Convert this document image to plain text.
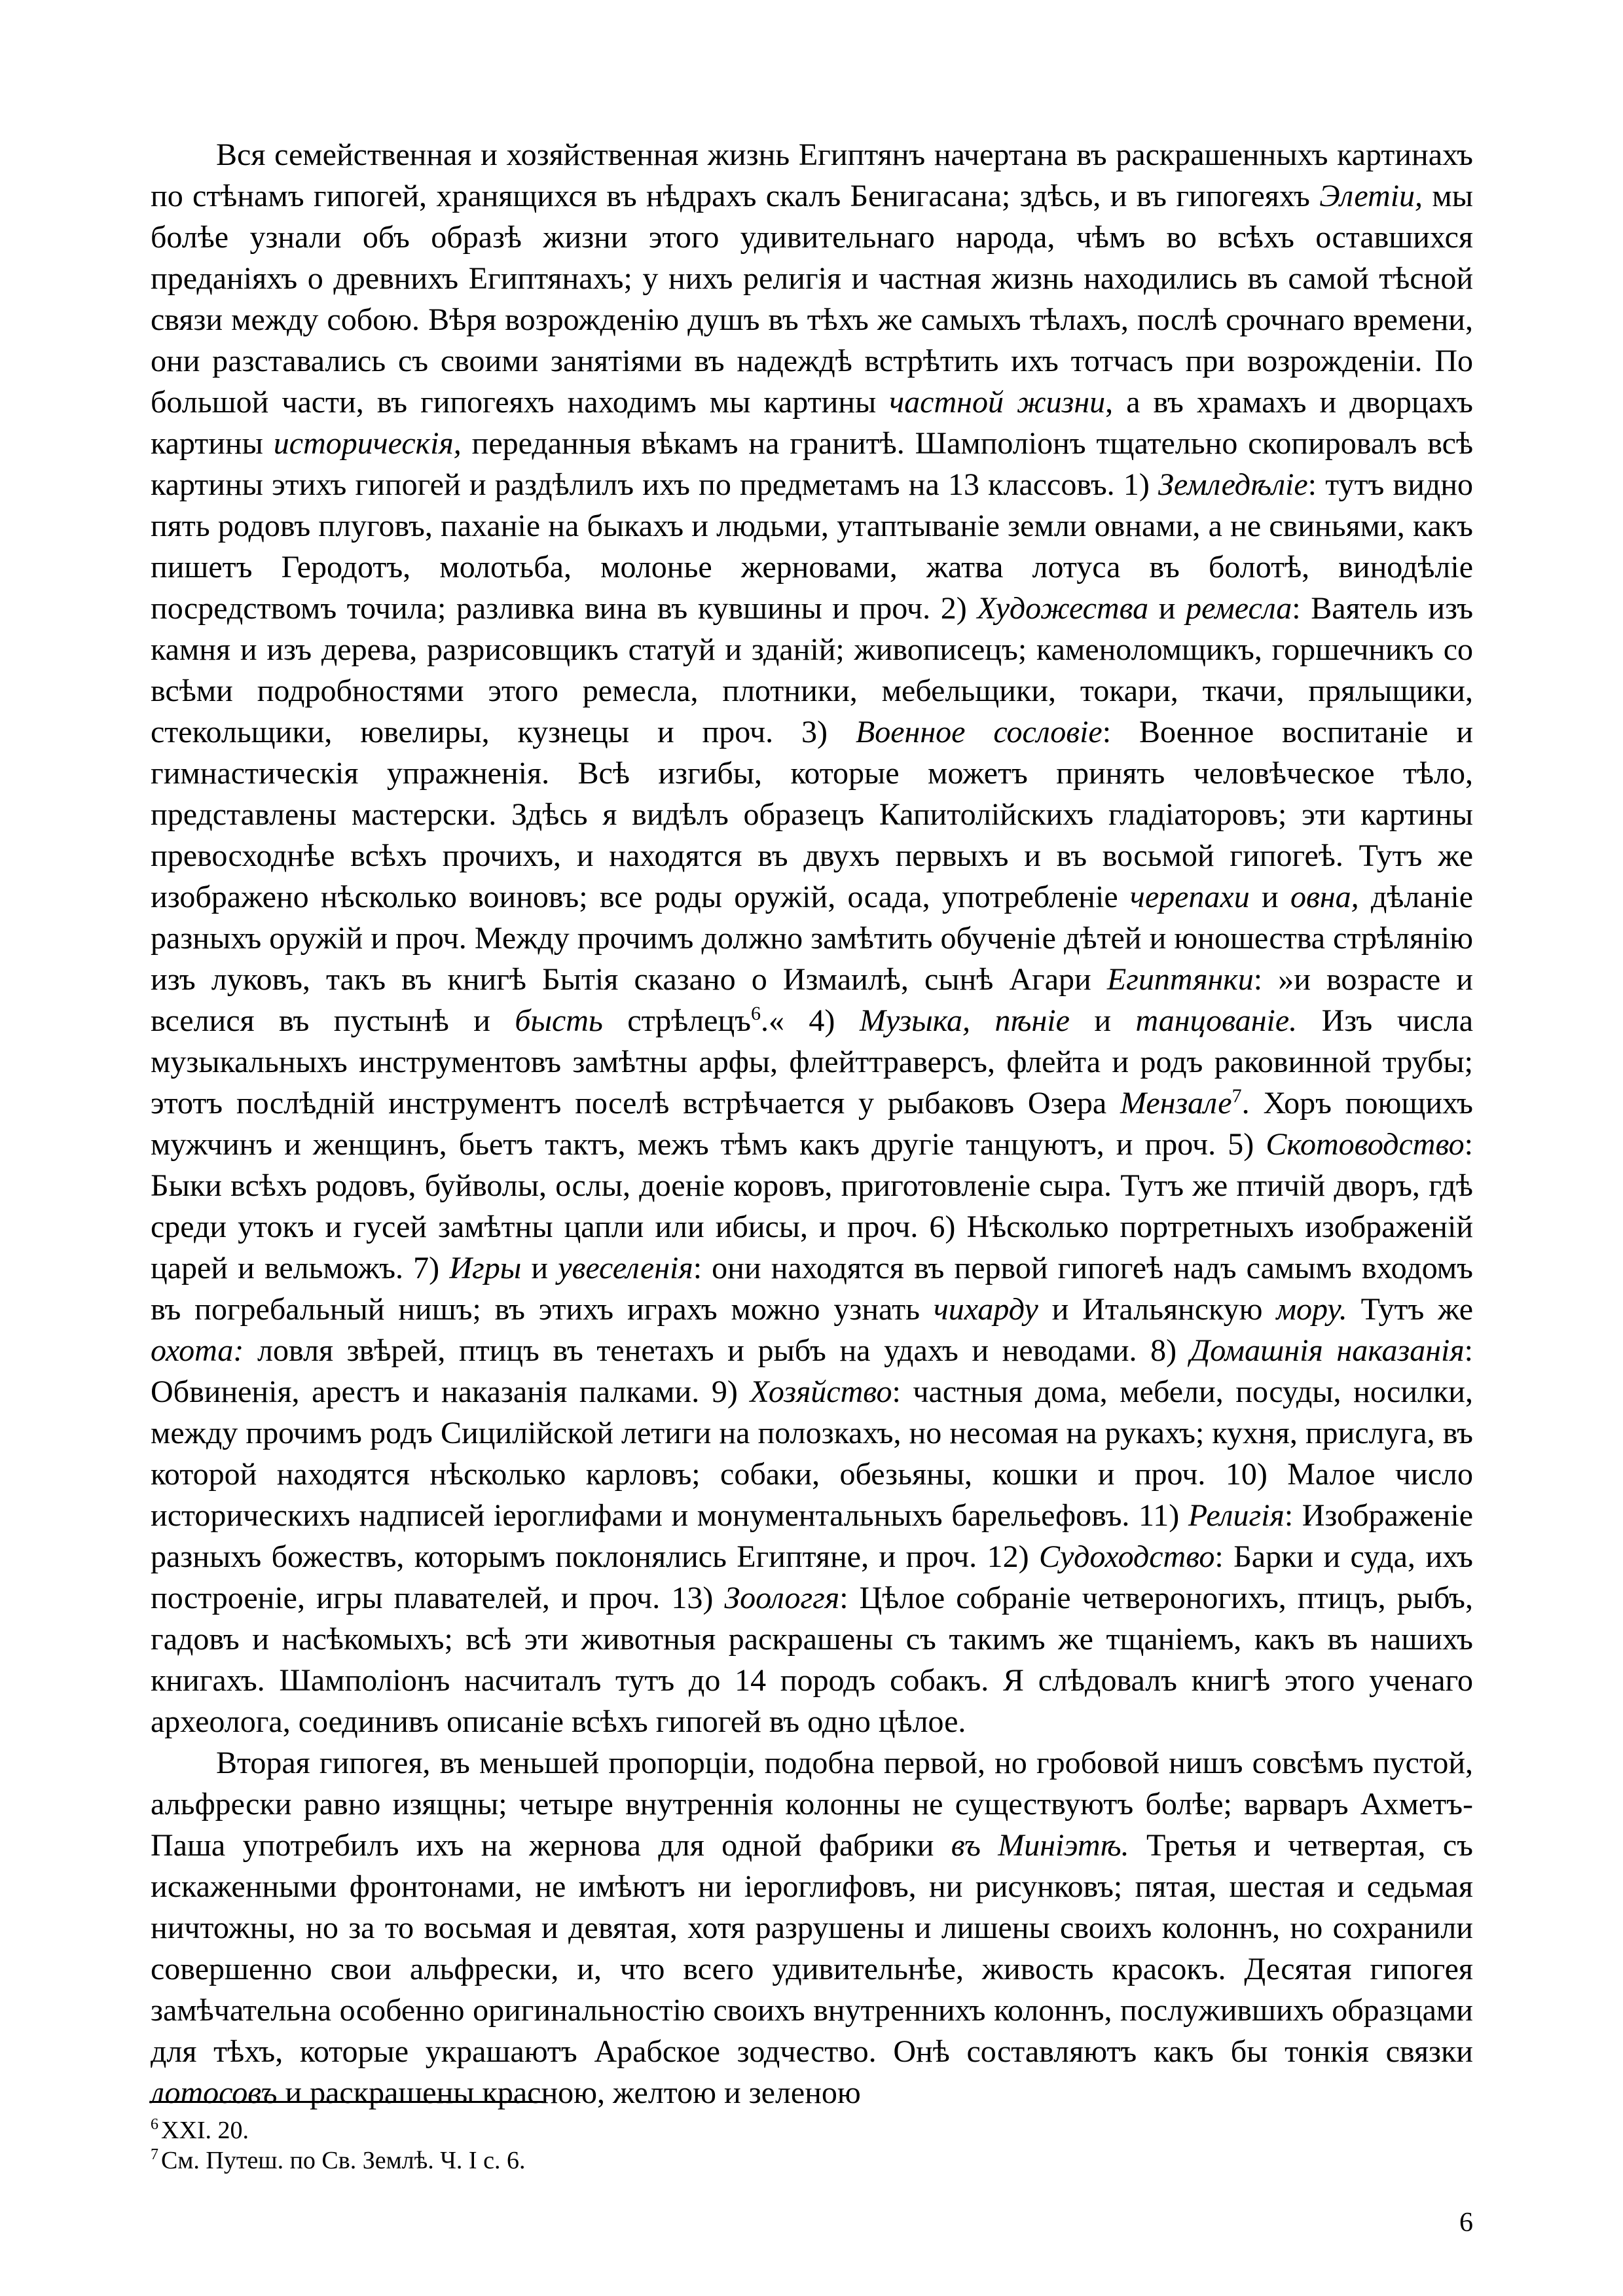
Вся семейственная и хозяйственная жизнь Египтянъ начертана въ раскрашенныхъ картинахъ по стѣнамъ гипогей, хранящихся въ нѣдрахъ скалъ Бенигасана; здѣсь, и въ гипогеяхъ Элетіи, мы болѣе узнали объ образѣ жизни этого удивительнаго народа, чѣмъ во всѣхъ оставшихся преданіяхъ о древнихъ Египтянахъ; у нихъ религія и частная жизнь находились въ самой тѣсной связи между собою. Вѣря возрожденію душъ въ тѣхъ же самыхъ тѣлахъ, послѣ срочнаго времени, они разставались съ своими занятіями въ надеждѣ встрѣтить ихъ тотчасъ при возрожденіи. По большой части, въ гипогеяхъ находимъ мы картины частной жизни, а въ храмахъ и дворцахъ картины историческія, переданныя вѣкамъ на гранитѣ. Шамполіонъ тщательно скопировалъ всѣ картины этихъ гипогей и раздѣлилъ ихъ по предметамъ на 13 классовъ. 1) Земледѣліе: тутъ видно пять родовъ плуговъ, паханіе на быкахъ и людьми, утаптываніе земли овнами, а не свиньями, какъ пишетъ Геродотъ, молотьба, молонье жерновами, жатва лотуса въ болотѣ, винодѣліе посредствомъ точила; разливка вина въ кувшины и проч. 2) Художества и ремесла: Ваятель изъ камня и изъ дерева, разрисовщикъ статуй и зданій; живописецъ; каменоломщикъ, горшечникъ со всѣми подробностями этого ремесла, плотники, мебельщики, токари, ткачи, прялыщики, стекольщики, ювелиры, кузнецы и проч. 3) Военное сословіе: Военное воспитаніе и гимнастическія упражненія. Всѣ изгибы, которые можетъ принять человѣческое тѣло, представлены мастерски. Здѣсь я видѣлъ образецъ Капитолійскихъ гладіаторовъ; эти картины превосходнѣе всѣхъ прочихъ, и находятся въ двухъ первыхъ и въ восьмой гипогеѣ. Тутъ же изображено нѣсколько воиновъ; все роды оружій, осада, употребленіе черепахи и овна, дѣланіе разныхъ оружій и проч. Между прочимъ должно замѣтить обученіе дѣтей и юношества стрѣлянію изъ луковъ, такъ въ книгѣ Бытія сказано о Измаилѣ, сынѣ Агари Египтянки: »и возрасте и вселися въ пустынѣ и бысть стрѣлецъ$^6$.« 4) Музыка, пѣніе и танцованіе. Изъ числа музыкальныхъ инструментовъ замѣтны арфы, флейттраверсъ, флейта и родъ раковинной трубы; этотъ послѣдній инструментъ поселѣ встрѣчается у рыбаковъ Озера Мензале$^7$. Хоръ поющихъ мужчинъ и женщинъ, бьетъ тактъ, межъ тѣмъ какъ другіе танцуютъ, и проч. 5) Скотоводство: Быки всѣхъ родовъ, буйволы, ослы, доеніе коровъ, приготовленіе сыра. Тутъ же птичій дворъ, гдѣ среди утокъ и гусей замѣтны цапли или ибисы, и проч. 6) Нѣсколько портретныхъ изображеній царей и вельможъ. 7) Игры и увеселенія: они находятся въ первой гипогеѣ надъ самымъ входомъ въ погребальный нишъ; въ этихъ играхъ можно узнать чихарду и Итальянскую мору. Тутъ же охота: ловля звѣрей, птицъ въ тенетахъ и рыбъ на удахъ и неводами. 8) Домашнія наказанія: Обвиненія, арестъ и наказанія палками. 9) Хозяйство: частныя дома, мебели, посуды, носилки, между прочимъ родъ Сицилійской летиги на полозкахъ, но несомая на рукахъ; кухня, прислуга, въ которой находятся нѣсколько карловъ; собаки, обезьяны, кошки и проч. 10) Малое число историческихъ надписей іероглифами и монументальныхъ барельефовъ. 11) Религія: Изображеніе разныхъ божествъ, которымъ поклонялись Египтяне, и проч. 12) Судоходство: Барки и суда, ихъ построеніе, игры плавателей, и проч. 13) Зоологгя: Цѣлое собраніе четвероногихъ, птицъ, рыбъ, гадовъ и насѣкомыхъ; всѣ эти животныя раскрашены съ такимъ же тщаніемъ, какъ въ нашихъ книгахъ. Шамполіонъ насчиталъ тутъ до 14 породъ собакъ. Я слѣдовалъ книгѣ этого ученаго археолога, соединивъ описаніе всѣхъ гипогей въ одно цѣлое.

Вторая гипогея, въ меньшей пропорціи, подобна первой, но гробовой нишъ совсѣмъ пустой, альфрески равно изящны; четыре внутреннія колонны не существуютъ болѣе; варваръ Ахметъ-Паша употребилъ ихъ на жернова для одной фабрики въ Миніэтѣ. Третья и четвертая, съ искаженными фронтонами, не имѣютъ ни іероглифовъ, ни рисунковъ; пятая, шестая и седьмая ничтожны, но за то восьмая и девятая, хотя разрушены и лишены своихъ колоннъ, но сохранили совершенно свои альфрески, и, что всего удивительнѣе, живость красокъ. Десятая гипогея замѣчательна особенно оригинальностію своихъ внутреннихъ колоннъ, послужившихъ образцами для тѣхъ, которые украшаютъ Арабское зодчество. Онѣ составляютъ какъ бы тонкія связки лотосовъ и раскрашены красною, желтою и зеленою

$^6$ XXI. 20.

$^7$ См. Путеш. по Св. Землѣ. Ч. I с. 6.

6
